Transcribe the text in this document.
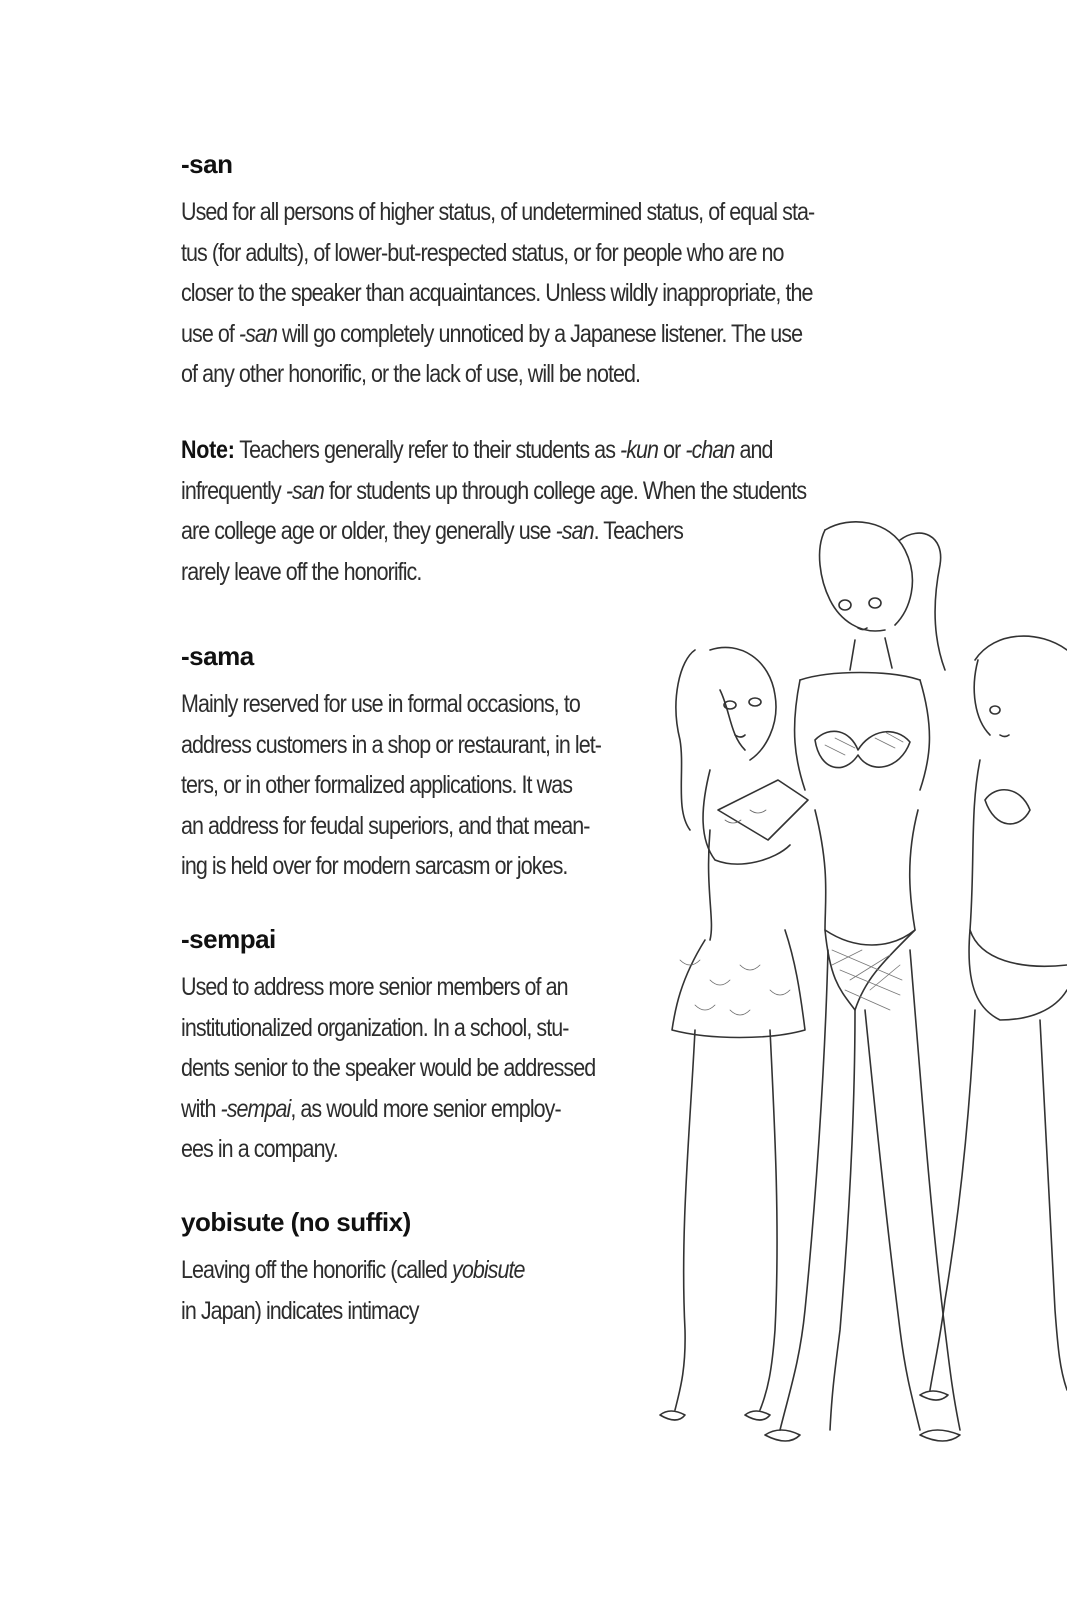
-san

Used for all persons of higher status, of undetermined status, of equal sta-
tus (for adults), of lower-but-respected status, or for people who are no
closer to the speaker than acquaintances. Unless wildly inappropriate, the
use of -san will go completely unnoticed by a Japanese listener. The use
of any other honorific, or the lack of use, will be noted.

Note: Teachers generally refer to their students as -kun or -chan and
infrequently -san for students up through college age. When the students
are college age or older, they generally use -san. Teachers
rarely leave off the honorific.

-sama

Mainly reserved for use in formal occasions, to
address customers in a shop or restaurant, in let-
ters, or in other formalized applications. It was
an address for feudal superiors, and that mean-
ing is held over for modern sarcasm or jokes.

-sempai

Used to address more senior members of an
institutionalized organization. In a school, stu-
dents senior to the speaker would be addressed
with -sempai, as would more senior employ-
ees in a company.

yobisute (no suffix)

Leaving off the honorific (called yobisute
in Japan) indicates intimacy
